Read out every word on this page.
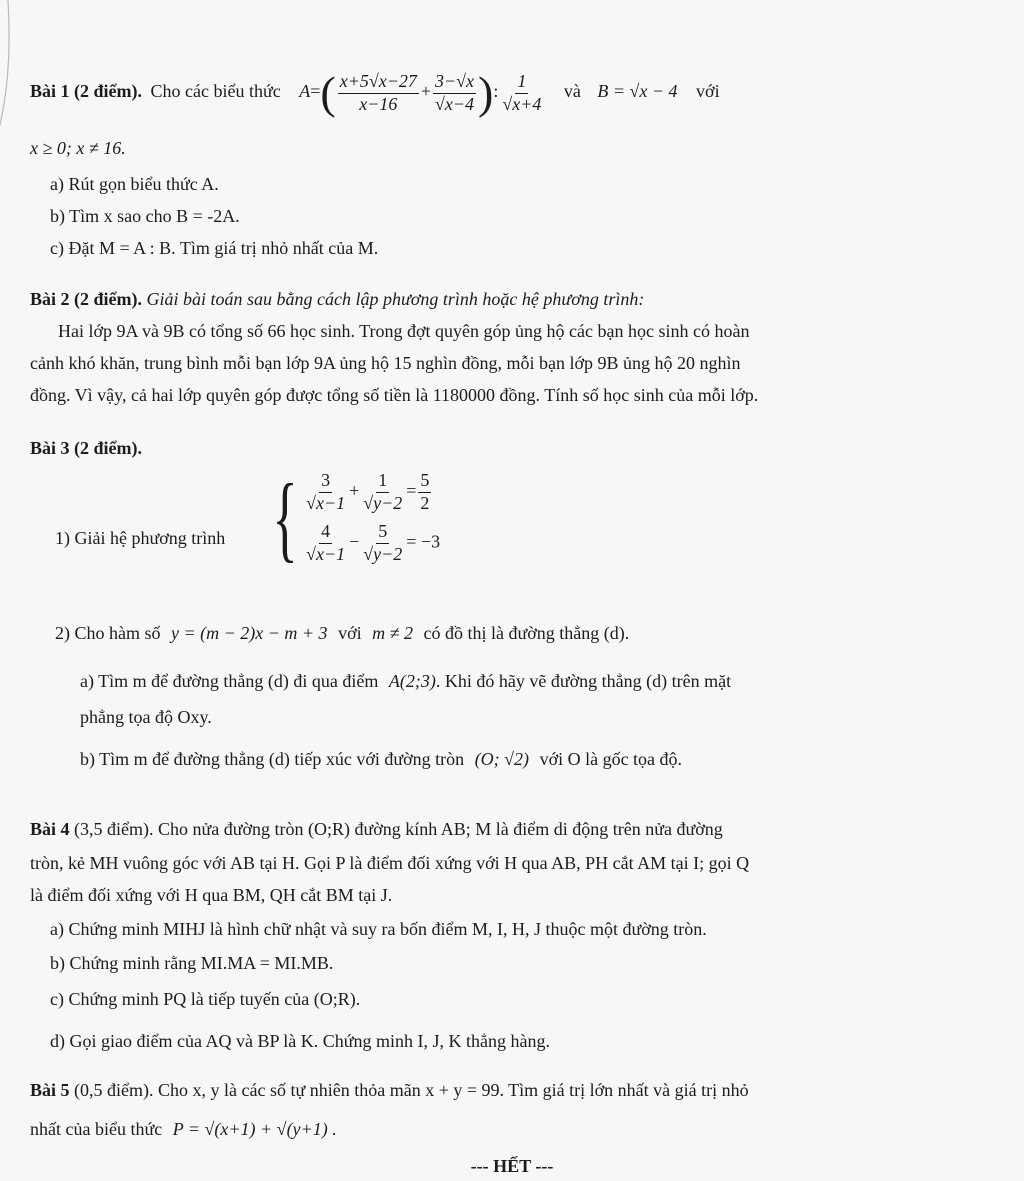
Bài 1 (2 điểm). Cho các biểu thức $A=( \frac{x+5√x-27}{x-16} + \frac{3-√x}{√x-4}$ ): $\frac{1}{√x+4}$ và B = √x − 4 với
x ≥ 0; x ≠ 16.
a) Rút gọn biểu thức A.
b) Tìm x sao cho B = -2A.
c) Đặt M = A : B. Tìm giá trị nhỏ nhất của M.
Bài 2 (2 điểm). Giải bài toán sau bằng cách lập phương trình hoặc hệ phương trình:
Hai lớp 9A và 9B có tổng số 66 học sinh. Trong đợt quyên góp ủng hộ các bạn học sinh có hoàn
cảnh khó khăn, trung bình mỗi bạn lớp 9A ủng hộ 15 nghìn đồng, mỗi bạn lớp 9B ủng hộ 20 nghìn
đồng. Vì vậy, cả hai lớp quyên góp được tổng số tiền là 1180000 đồng. Tính số học sinh của mỗi lớp.
Bài 3 (2 điểm).
1) Giải hệ phương trình { $\frac{3}{√x-1} + \frac{1}{√y-2} = \frac{5}{2}$
$\frac{4}{√x-1} - \frac{5}{√y-2} = -3$
2) Cho hàm số y = (m − 2)x − m + 3 với m ≠ 2 có đồ thị là đường thẳng (d).
a) Tìm m để đường thẳng (d) đi qua điểm A(2;3). Khi đó hãy vẽ đường thẳng (d) trên mặt
phẳng tọa độ Oxy.
b) Tìm m để đường thẳng (d) tiếp xúc với đường tròn (O; √2) với O là gốc tọa độ.
Bài 4 (3,5 điểm). Cho nửa đường tròn (O;R) đường kính AB; M là điểm di động trên nửa đường
tròn, kẻ MH vuông góc với AB tại H. Gọi P là điểm đối xứng với H qua AB, PH cắt AM tại I; gọi Q
là điểm đối xứng với H qua BM, QH cắt BM tại J.
a) Chứng minh MIHJ là hình chữ nhật và suy ra bốn điểm M, I, H, J thuộc một đường tròn.
b) Chứng minh rằng MI.MA = MI.MB.
c) Chứng minh PQ là tiếp tuyến của (O;R).
d) Gọi giao điểm của AQ và BP là K. Chứng minh I, J, K thẳng hàng.
Bài 5 (0,5 điểm). Cho x, y là các số tự nhiên thỏa mãn x + y = 99. Tìm giá trị lớn nhất và giá trị nhỏ
nhất của biểu thức P = √(x+1) + √(y+1) .
--- HẾT ---
